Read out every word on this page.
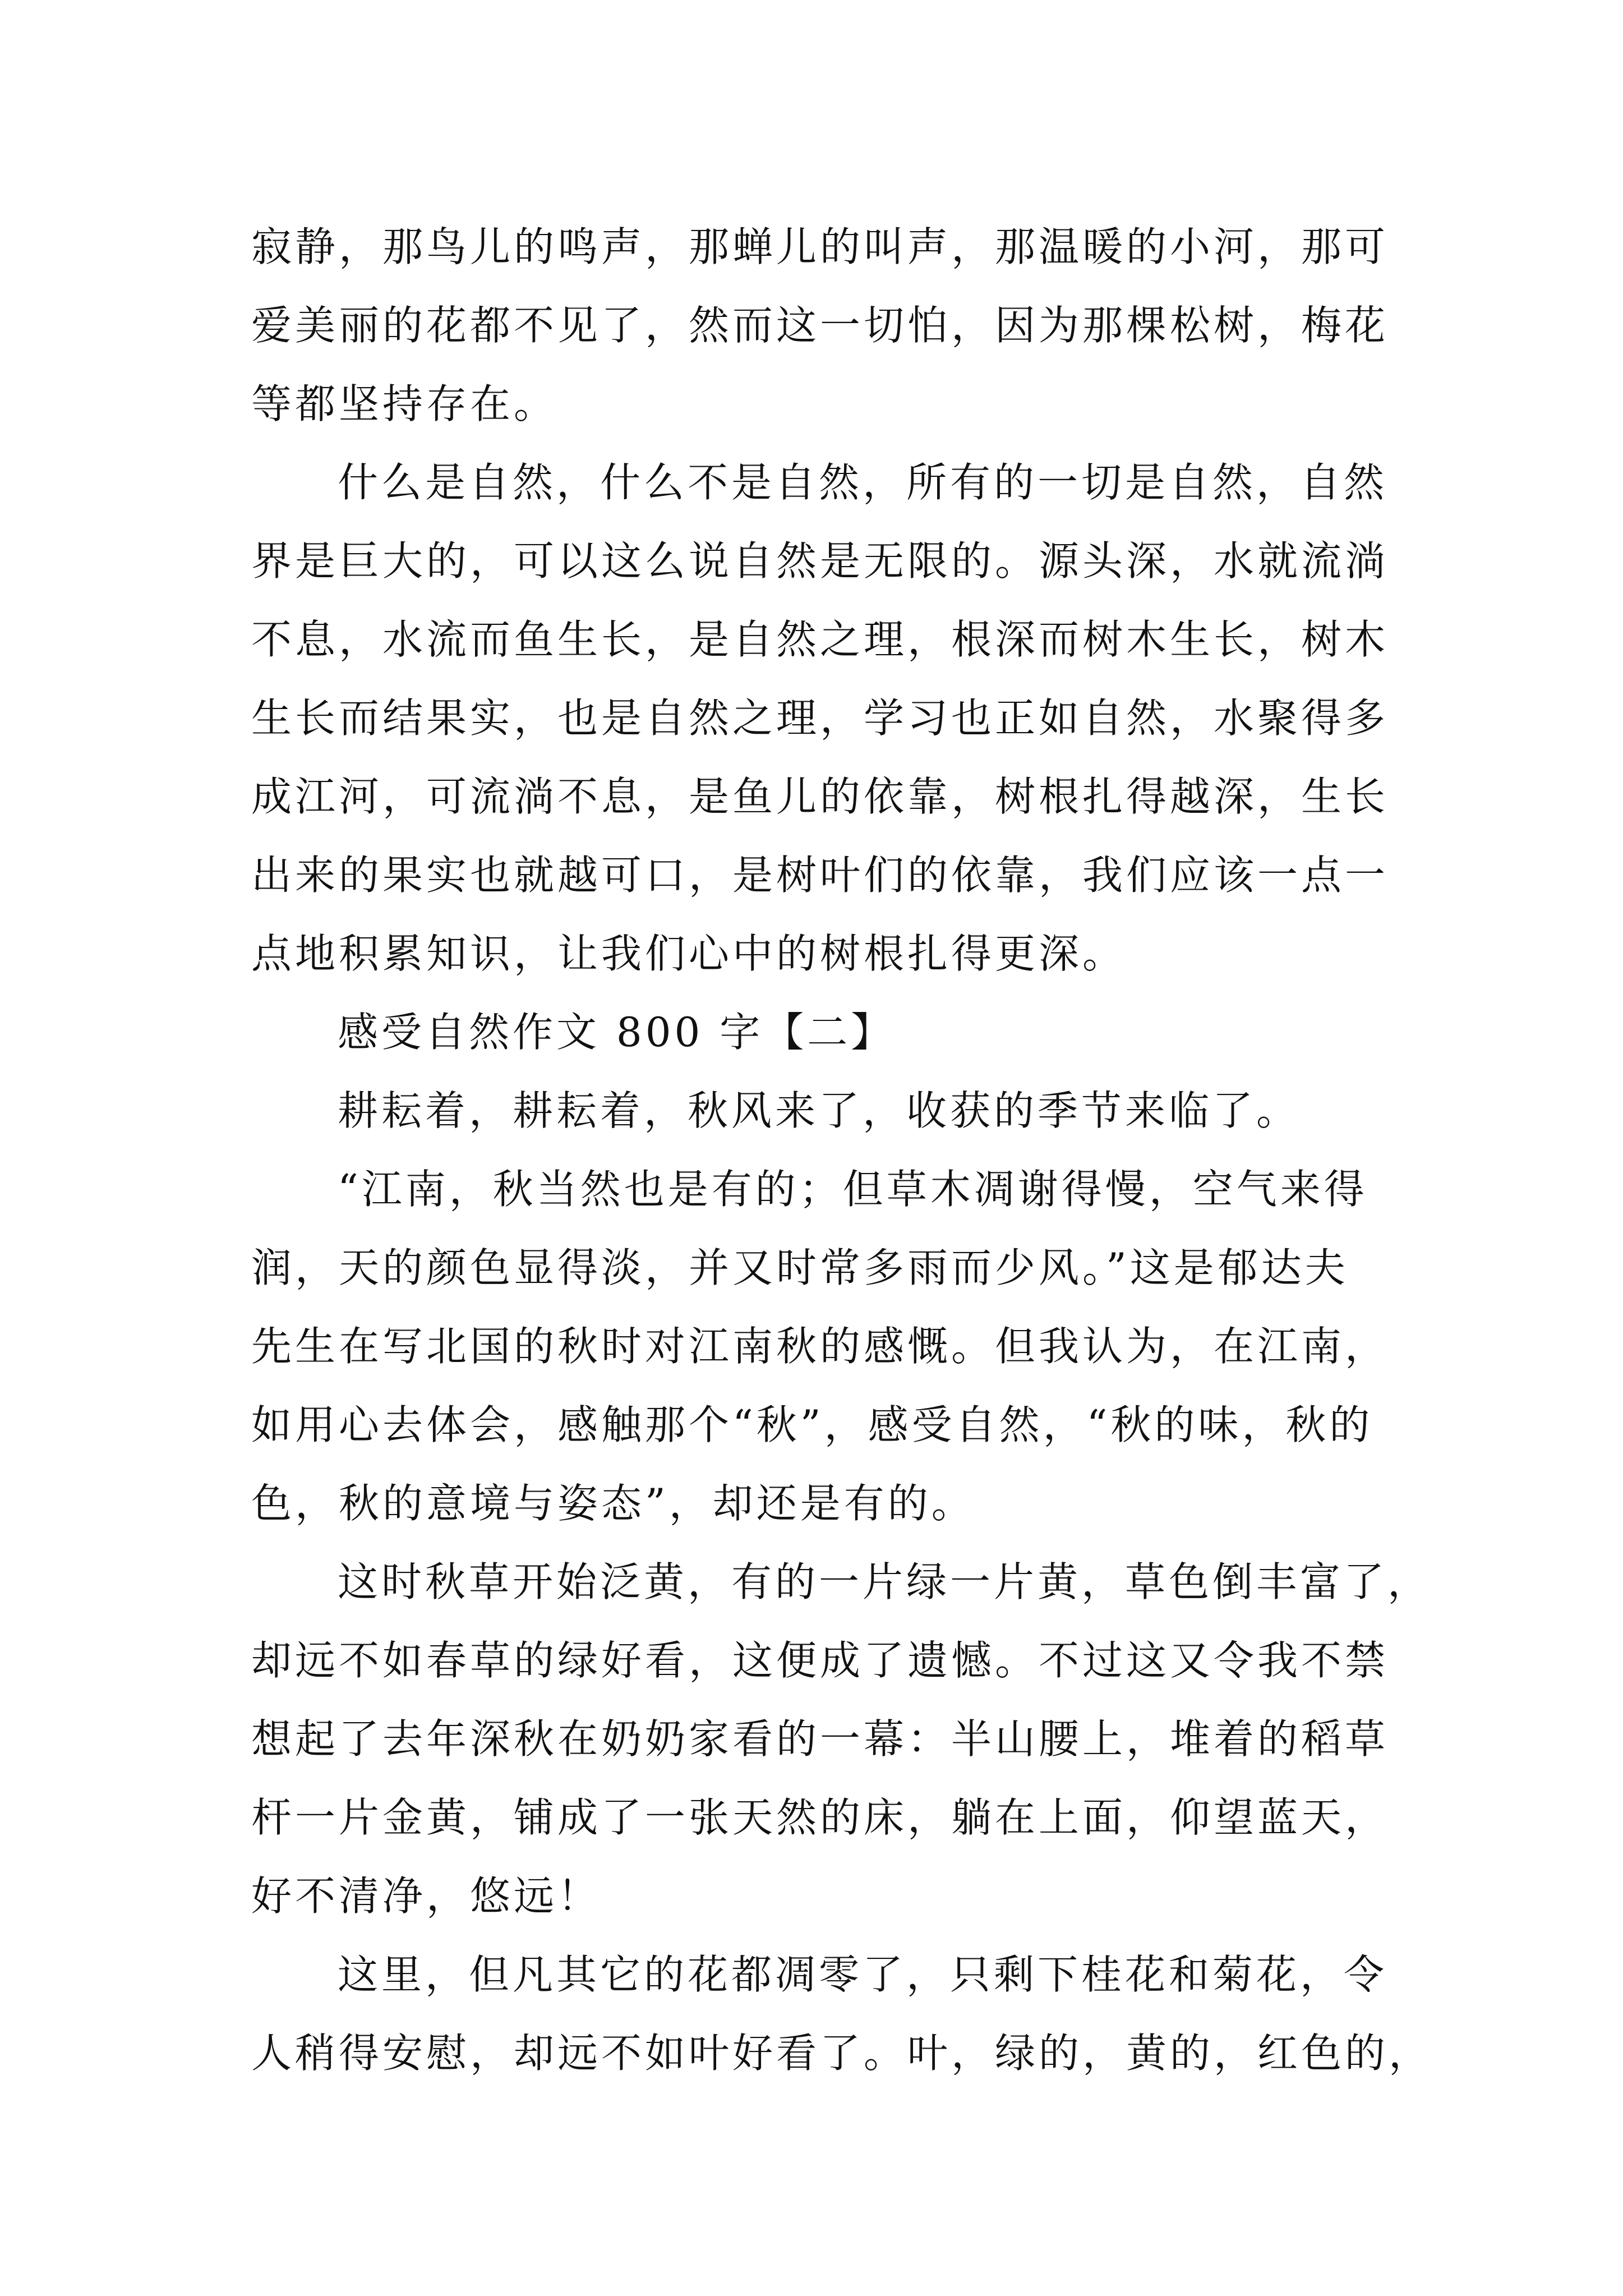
寂静，那鸟儿的鸣声，那蝉儿的叫声，那温暖的小河，那可
爱美丽的花都不见了，然而这一切怕，因为那棵松树，梅花
等都坚持存在。

什么是自然，什么不是自然，所有的一切是自然，自然
界是巨大的，可以这么说自然是无限的。源头深，水就流淌
不息，水流而鱼生长，是自然之理，根深而树木生长，树木
生长而结果实，也是自然之理，学习也正如自然，水聚得多
成江河，可流淌不息，是鱼儿的依靠，树根扎得越深，生长
出来的果实也就越可口，是树叶们的依靠，我们应该一点一
点地积累知识，让我们心中的树根扎得更深。

感受自然作文 800 字【二】

耕耘着，耕耘着，秋风来了，收获的季节来临了。

“江南，秋当然也是有的；但草木凋谢得慢，空气来得
润，天的颜色显得淡，并又时常多雨而少风。”这是郁达夫
先生在写北国的秋时对江南秋的感慨。但我认为，在江南，
如用心去体会，感触那个“秋”，感受自然，“秋的味，秋的
色，秋的意境与姿态”，却还是有的。

这时秋草开始泛黄，有的一片绿一片黄，草色倒丰富了，
却远不如春草的绿好看，这便成了遗憾。不过这又令我不禁
想起了去年深秋在奶奶家看的一幕：半山腰上，堆着的稻草
杆一片金黄，铺成了一张天然的床，躺在上面，仰望蓝天，
好不清净，悠远！

这里，但凡其它的花都凋零了，只剩下桂花和菊花，令
人稍得安慰，却远不如叶好看了。叶，绿的，黄的，红色的，
